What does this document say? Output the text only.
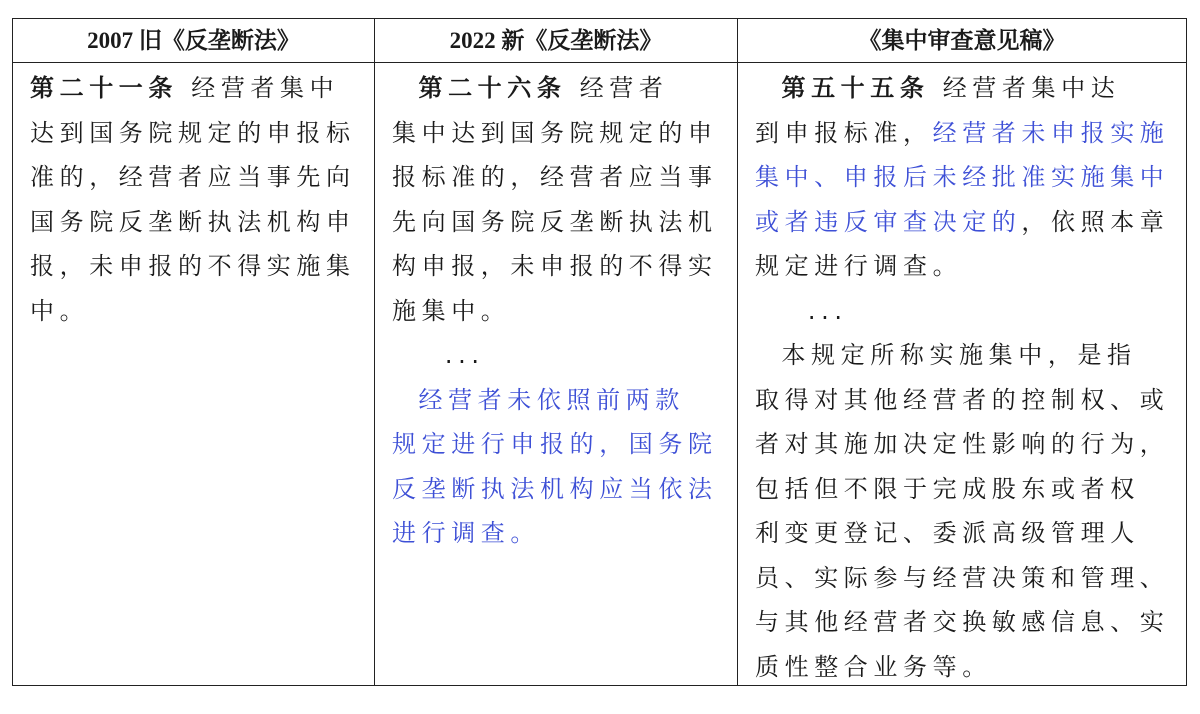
2007 旧《反垄断法》	2022 新《反垄断法》	《集中审查意见稿》
第二十一条 经营者集中
达到国务院规定的申报标
准的，经营者应当事先向
国务院反垄断执法机构申
报，未申报的不得实施集
中。
第二十六条 经营者
集中达到国务院规定的申
报标准的，经营者应当事
先向国务院反垄断执法机
构申报，未申报的不得实
施集中。
...
经营者未依照前两款
规定进行申报的，国务院
反垄断执法机构应当依法
进行调查。
第五十五条 经营者集中达
到申报标准，经营者未申报实施
集中、申报后未经批准实施集中
或者违反审查决定的，依照本章
规定进行调查。
...
本规定所称实施集中，是指
取得对其他经营者的控制权、或
者对其施加决定性影响的行为，
包括但不限于完成股东或者权
利变更登记、委派高级管理人
员、实际参与经营决策和管理、
与其他经营者交换敏感信息、实
质性整合业务等。
